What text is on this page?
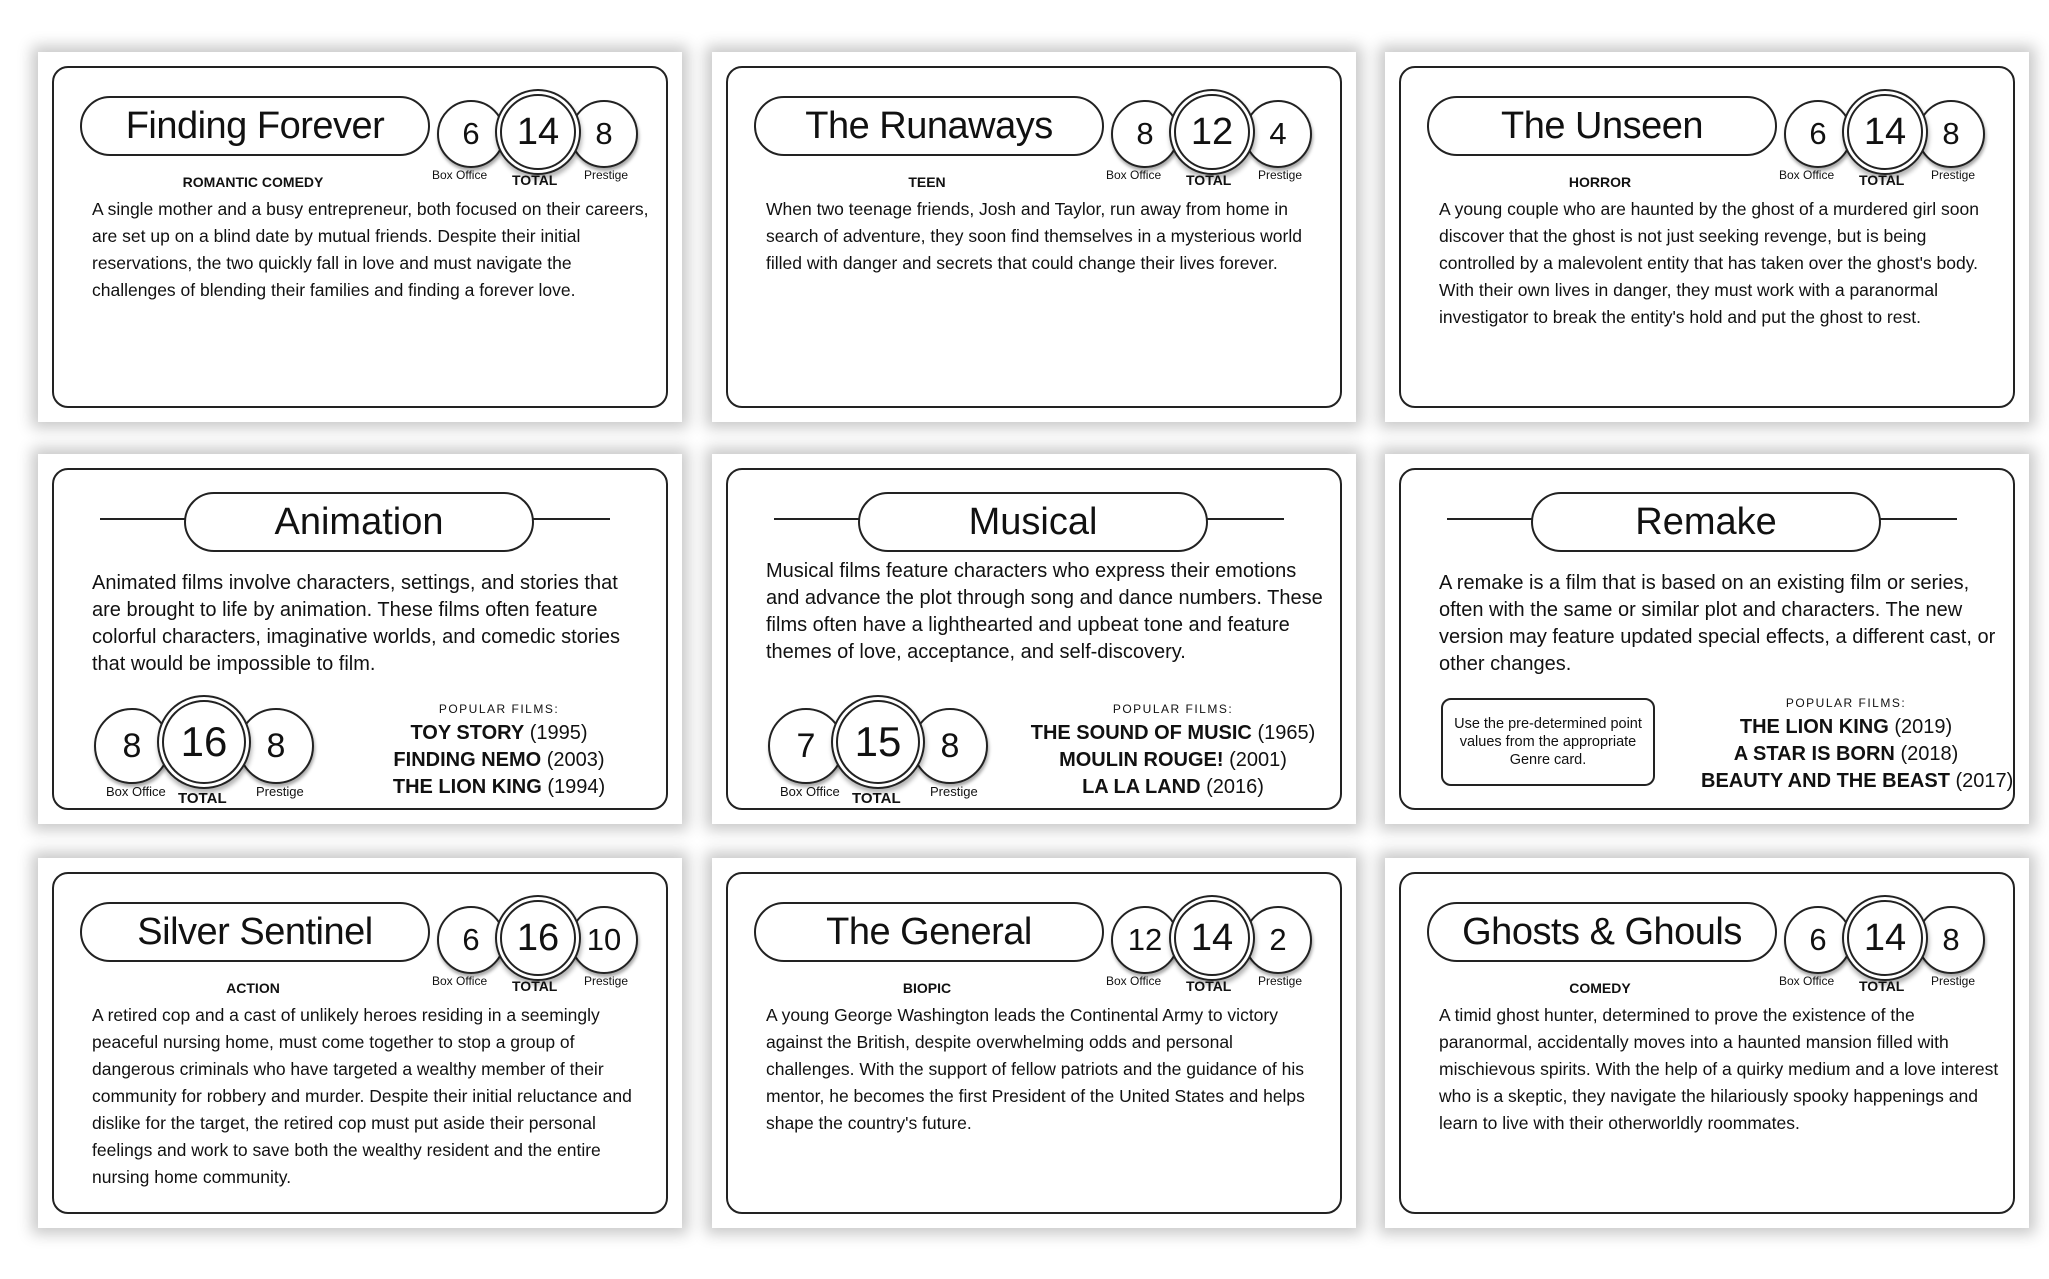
Finding Forever	6 14	8
Box Office TOTAL Prestige
ROMANTIC COMEDY
A single mother and a busy entrepreneur, both focused on their careers, are set up on a blind date by mutual friends. Despite their initial reservations, the two quickly fall in love and must navigate the challenges of blending their families and finding a forever love.
The Runaways	8 12	4
Box Office TOTAL Prestige
TEEN
When two teenage friends, Josh and Taylor, run away from home in search of adventure, they soon find themselves in a mysterious world filled with danger and secrets that could change their lives forever.
The Unseen	6 14	8
Box Office TOTAL Prestige
HORROR
A young couple who are haunted by the ghost of a murdered girl soon discover that the ghost is not just seeking revenge, but is being controlled by a malevolent entity that has taken over the ghost's body. With their own lives in danger, they must work with a paranormal investigator to break the entity's hold and put the ghost to rest.
Animation
Animated films involve characters, settings, and stories that are brought to life by animation. These films often feature colorful characters, imaginative worlds, and comedic stories that would be impossible to film.
8 16	8
Box Office TOTAL Prestige
POPULAR FILMS:
TOY STORY (1995)
FINDING NEMO (2003)
THE LION KING (1994)
Musical
Musical films feature characters who express their emotions and advance the plot through song and dance numbers. These films often have a lighthearted and upbeat tone and feature themes of love, acceptance, and self-discovery.
7 15	8
Box Office TOTAL Prestige
POPULAR FILMS:
THE SOUND OF MUSIC (1965)
MOULIN ROUGE! (2001)
LA LA LAND (2016)
Remake
A remake is a film that is based on an existing film or series, often with the same or similar plot and characters. The new version may feature updated special effects, a different cast, or other changes.
Use the pre-determined point values from the appropriate Genre card.
POPULAR FILMS:
THE LION KING (2019)
A STAR IS BORN (2018)
BEAUTY AND THE BEAST (2017)
Silver Sentinel	6 16 10
Box Office TOTAL Prestige
ACTION
A retired cop and a cast of unlikely heroes residing in a seemingly peaceful nursing home, must come together to stop a group of dangerous criminals who have targeted a wealthy member of their community for robbery and murder. Despite their initial reluctance and dislike for the target, the retired cop must put aside their personal feelings and work to save both the wealthy resident and the entire nursing home community.
The General	12 14	2
Box Office TOTAL Prestige
BIOPIC
A young George Washington leads the Continental Army to victory against the British, despite overwhelming odds and personal challenges. With the support of fellow patriots and the guidance of his mentor, he becomes the first President of the United States and helps shape the country's future.
Ghosts & Ghouls	6 14	8
Box Office TOTAL Prestige
COMEDY
A timid ghost hunter, determined to prove the existence of the paranormal, accidentally moves into a haunted mansion filled with mischievous spirits. With the help of a quirky medium and a love interest who is a skeptic, they navigate the hilariously spooky happenings and learn to live with their otherworldly roommates.
